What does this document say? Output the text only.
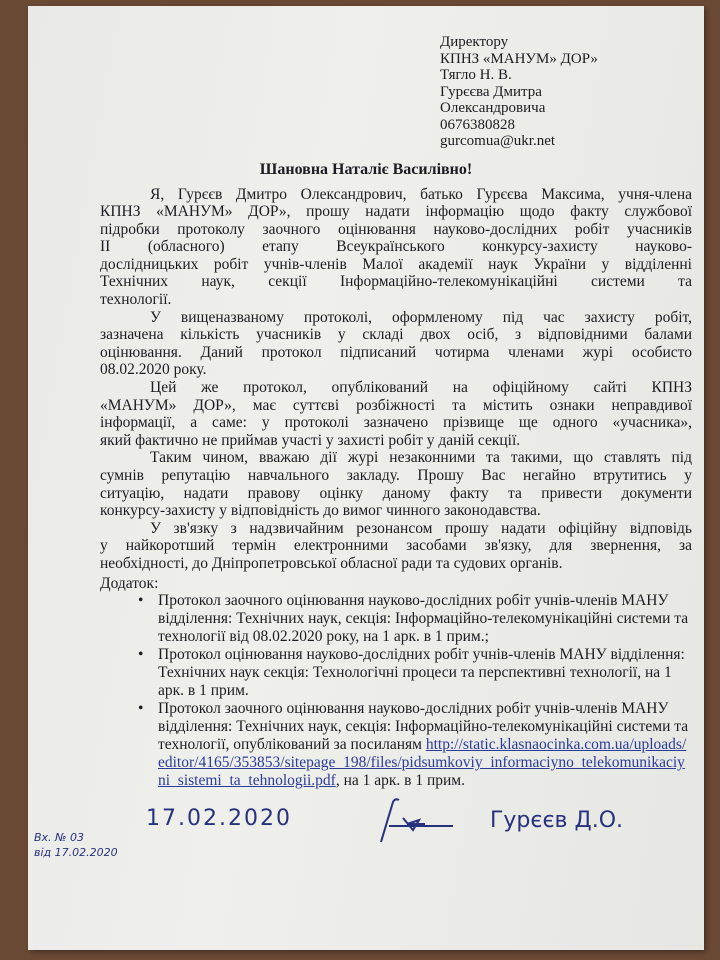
Директору
КПНЗ «МАНУМ» ДОР»
Тягло Н. В.
Гурєєва Дмитра
Олександровича
0676380828
gurcomua@ukr.net
Шановна Наталіє Василівно!
Я, Гурєєв Дмитро Олександрович, батько Гурєєва Максима, учня-члена
КПНЗ «МАНУМ» ДОР», прошу надати інформацію щодо факту службової
підробки протоколу заочного оцінювання науково-дослідних робіт учасників
II (обласного) етапу Всеукраїнського конкурсу-захисту науково-
дослідницьких робіт учнів-членів Малої академії наук України у відділенні
Технічних наук, секції Інформаційно-телекомунікаційні системи та
технології.
У вищеназваному протоколі, оформленому під час захисту робіт,
зазначена кількість учасників у складі двох осіб, з відповідними балами
оцінювання. Даний протокол підписаний чотирма членами журі особисто
08.02.2020 року.
Цей же протокол, опублікований на офіційному сайті КПНЗ
«МАНУМ» ДОР», має суттєві розбіжності та містить ознаки неправдивої
інформації, а саме: у протоколі зазначено прізвище ще одного «учасника»,
який фактично не приймав участі у захисті робіт у даній секції.
Таким чином, вважаю дії журі незаконними та такими, що ставлять під
сумнів репутацію навчального закладу. Прошу Вас негайно втрутитись у
ситуацію, надати правову оцінку даному факту та привести документи
конкурсу-захисту у відповідність до вимог чинного законодавства.
У зв'язку з надзвичайним резонансом прошу надати офіційну відповідь
у найкоротший термін електронними засобами зв'язку, для звернення, за
необхідності, до Дніпропетровської обласної ради та судових органів.
Додаток:
• Протокол заочного оцінювання науково-дослідних робіт учнів-членів МАНУ відділення: Технічних наук, секція: Інформаційно-телекомунікаційні системи та технології від 08.02.2020 року, на 1 арк. в 1 прим.;
• Протокол оцінювання науково-дослідних робіт учнів-членів МАНУ відділення: Технічних наук секція: Технологічні процеси та перспективні технології, на 1 арк. в 1 прим.
• Протокол заочного оцінювання науково-дослідних робіт учнів-членів МАНУ відділення: Технічних наук, секція: Інформаційно-телекомунікаційні системи та технології, опублікований за посиланям http://static.klasnaocinka.com.ua/uploads/editor/4165/353853/sitepage_198/files/pidsumkoviy_informaciyno_telekomunikaciyni_sistemi_ta_tehnologii.pdf, на 1 арк. в 1 прим.
Вх. № 03
від 17.02.2020
17.02.2020	Гурєєв Д.О.
